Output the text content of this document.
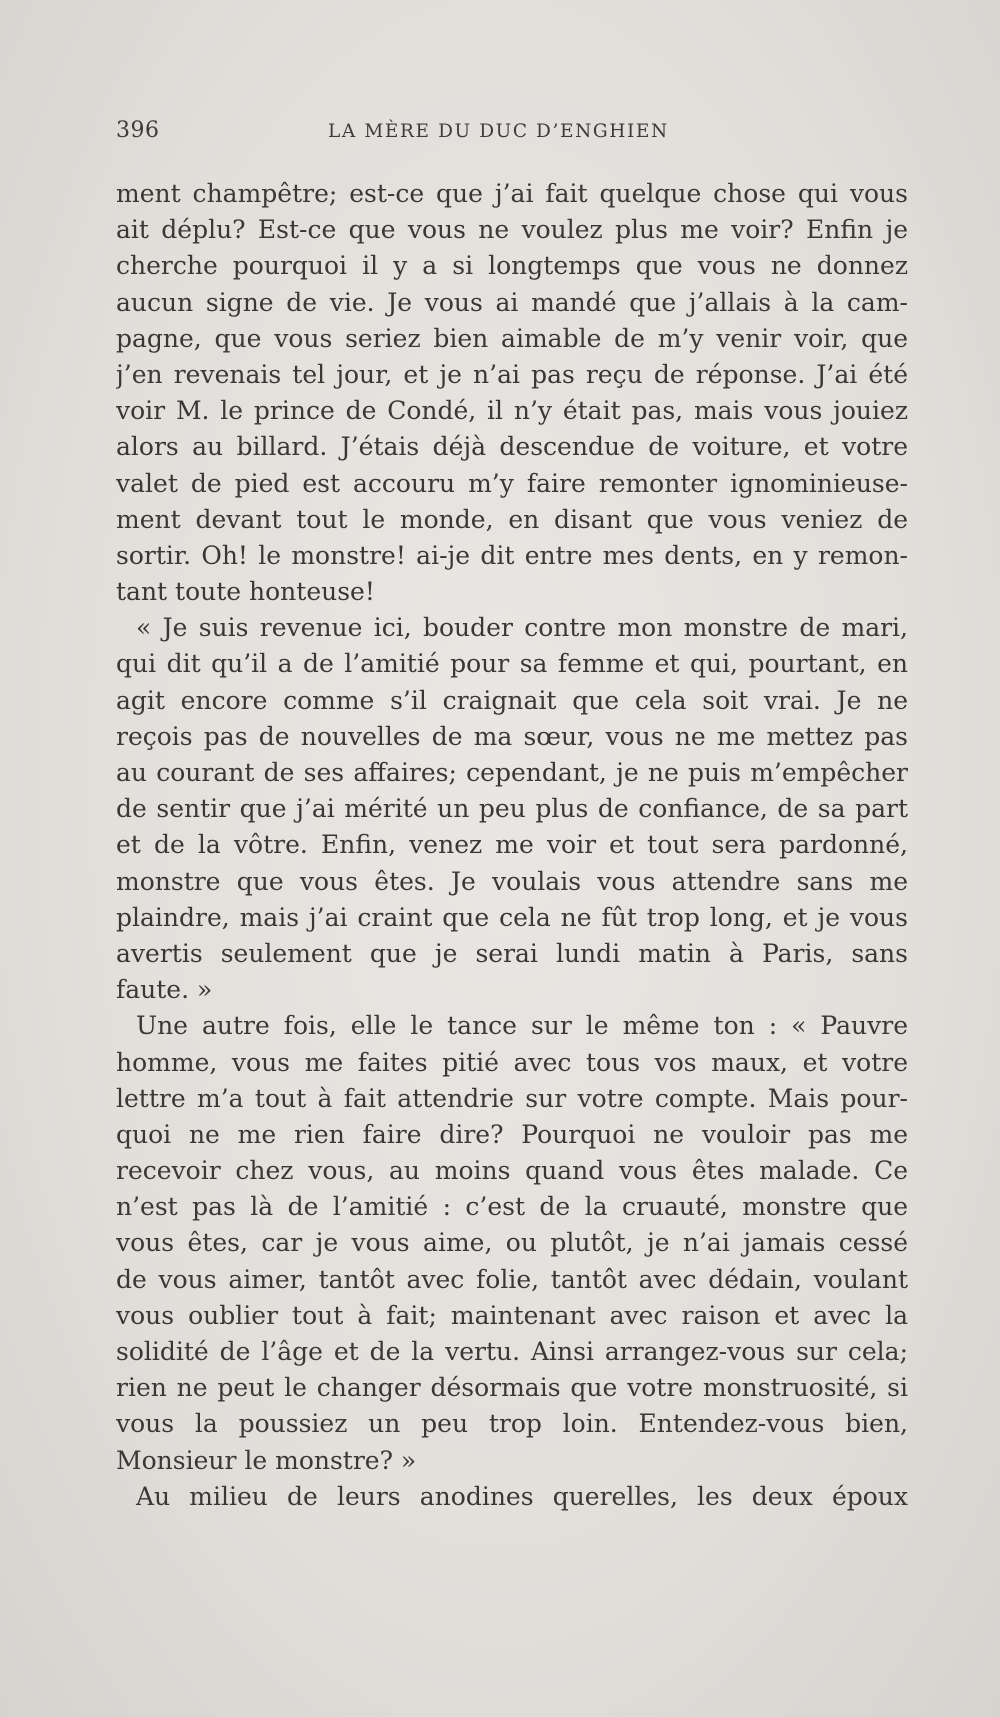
396	LA MÈRE DU DUC D’ENGHIEN
ment champêtre; est-ce que j’ai fait quelque chose qui vous
ait déplu? Est-ce que vous ne voulez plus me voir? Enfin je
cherche pourquoi il y a si longtemps que vous ne donnez
aucun signe de vie. Je vous ai mandé que j’allais à la cam-
pagne, que vous seriez bien aimable de m’y venir voir, que
j’en revenais tel jour, et je n’ai pas reçu de réponse. J’ai été
voir M. le prince de Condé, il n’y était pas, mais vous jouiez
alors au billard. J’étais déjà descendue de voiture, et votre
valet de pied est accouru m’y faire remonter ignominieuse-
ment devant tout le monde, en disant que vous veniez de
sortir. Oh! le monstre! ai-je dit entre mes dents, en y remon-
tant toute honteuse!
« Je suis revenue ici, bouder contre mon monstre de mari,
qui dit qu’il a de l’amitié pour sa femme et qui, pourtant, en
agit encore comme s’il craignait que cela soit vrai. Je ne
reçois pas de nouvelles de ma sœur, vous ne me mettez pas
au courant de ses affaires; cependant, je ne puis m’empêcher
de sentir que j’ai mérité un peu plus de confiance, de sa part
et de la vôtre. Enfin, venez me voir et tout sera pardonné,
monstre que vous êtes. Je voulais vous attendre sans me
plaindre, mais j’ai craint que cela ne fût trop long, et je vous
avertis seulement que je serai lundi matin à Paris, sans
faute. »
Une autre fois, elle le tance sur le même ton : « Pauvre
homme, vous me faites pitié avec tous vos maux, et votre
lettre m’a tout à fait attendrie sur votre compte. Mais pour-
quoi ne me rien faire dire? Pourquoi ne vouloir pas me
recevoir chez vous, au moins quand vous êtes malade. Ce
n’est pas là de l’amitié : c’est de la cruauté, monstre que
vous êtes, car je vous aime, ou plutôt, je n’ai jamais cessé
de vous aimer, tantôt avec folie, tantôt avec dédain, voulant
vous oublier tout à fait; maintenant avec raison et avec la
solidité de l’âge et de la vertu. Ainsi arrangez-vous sur cela;
rien ne peut le changer désormais que votre monstruosité, si
vous la poussiez un peu trop loin. Entendez-vous bien,
Monsieur le monstre? »
Au milieu de leurs anodines querelles, les deux époux
